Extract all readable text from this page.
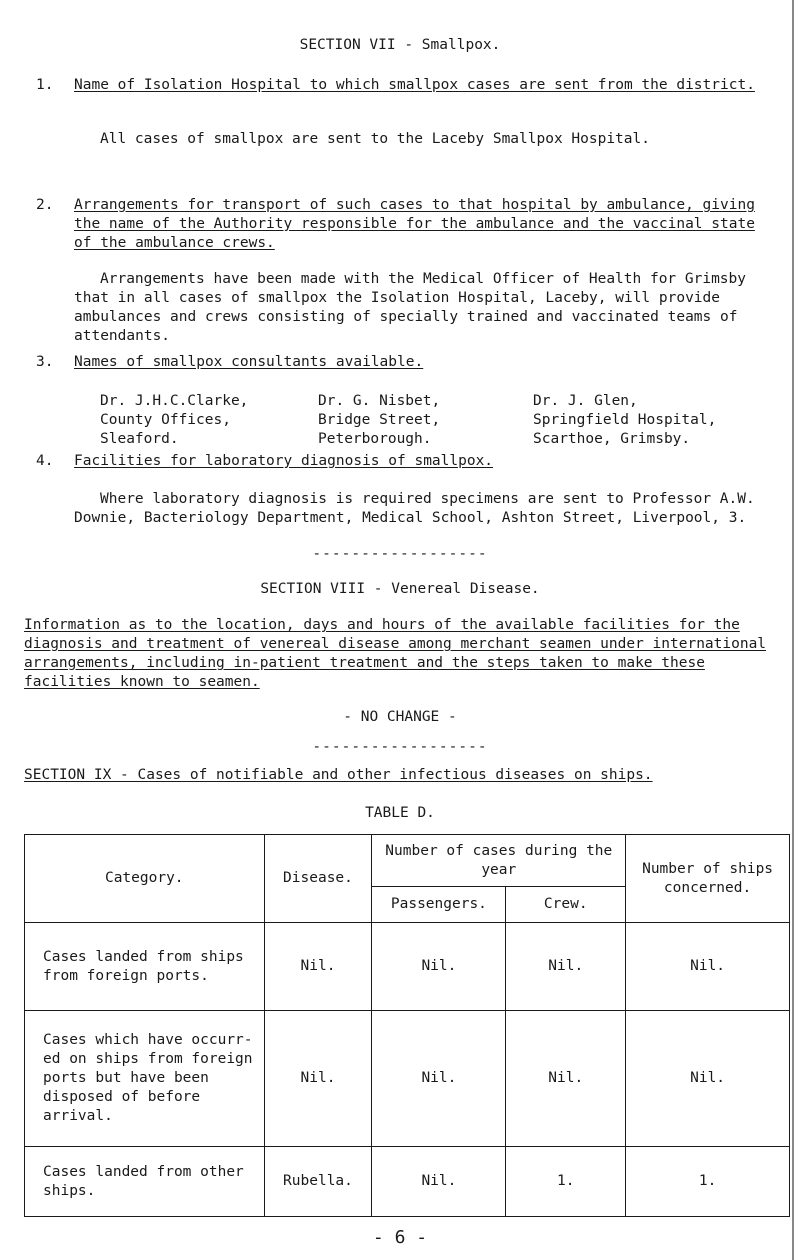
SECTION VII - Smallpox.
1. Name of Isolation Hospital to which smallpox cases are sent from the district.
All cases of smallpox are sent to the Laceby Smallpox Hospital.
2. Arrangements for transport of such cases to that hospital by ambulance, giving the name of the Authority responsible for the ambulance and the vaccinal state of the ambulance crews.
Arrangements have been made with the Medical Officer of Health for Grimsby that in all cases of smallpox the Isolation Hospital, Laceby, will provide ambulances and crews consisting of specially trained and vaccinated teams of attendants.
3. Names of smallpox consultants available.
Dr. J.H.C.Clarke,
County Offices,
Sleaford.
Dr. G. Nisbet,
Bridge Street,
Peterborough.
Dr. J. Glen,
Springfield Hospital,
Scarthoe, Grimsby.
4. Facilities for laboratory diagnosis of smallpox.
Where laboratory diagnosis is required specimens are sent to Professor A.W. Downie, Bacteriology Department, Medical School, Ashton Street, Liverpool, 3.
------------------
SECTION VIII - Venereal Disease.
Information as to the location, days and hours of the available facilities for the diagnosis and treatment of venereal disease among merchant seamen under international arrangements, including in-patient treatment and the steps taken to make these facilities known to seamen.
- NO CHANGE -
------------------
SECTION IX - Cases of notifiable and other infectious diseases on ships.
TABLE D.
Category.	Disease.	Number of cases during the year		Number of ships concerned.
		Passengers.	Crew.	
Cases landed from ships from foreign ports.	Nil.	Nil.	Nil.	Nil.
Cases which have occurr-ed on ships from foreign ports but have been disposed of before arrival.	Nil.	Nil.	Nil.	Nil.
Cases landed from other ships.	Rubella.	Nil.	1.	1.
- 6 -
